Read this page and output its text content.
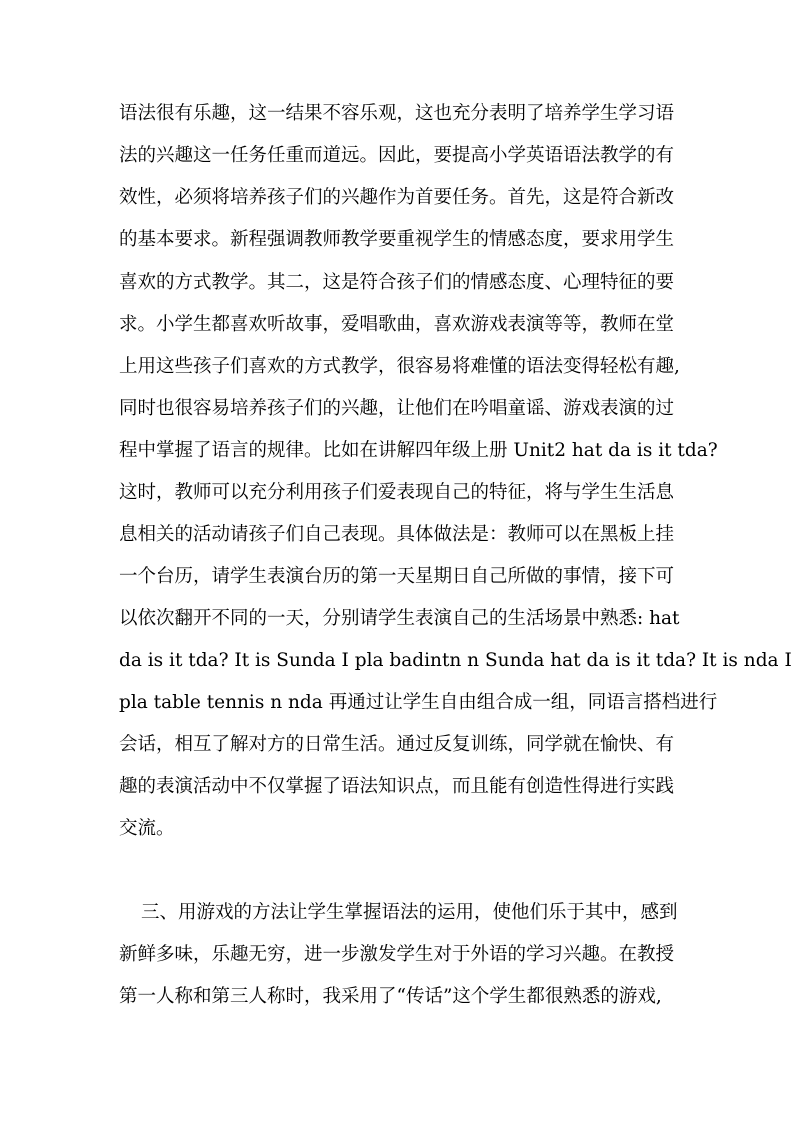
语法很有乐趣，这一结果不容乐观，这也充分表明了培养学生学习语
法的兴趣这一任务任重而道远。因此，要提高小学英语语法教学的有
效性，必须将培养孩子们的兴趣作为首要任务。首先，这是符合新改
的基本要求。新程强调教师教学要重视学生的情感态度，要求用学生
喜欢的方式教学。其二，这是符合孩子们的情感态度、心理特征的要
求。小学生都喜欢听故事，爱唱歌曲，喜欢游戏表演等等，教师在堂
上用这些孩子们喜欢的方式教学，很容易将难懂的语法变得轻松有趣,
同时也很容易培养孩子们的兴趣，让他们在吟唱童谣、游戏表演的过
程中掌握了语言的规律。比如在讲解四年级上册 Unit2 hat da is it tda?
这时，教师可以充分利用孩子们爱表现自己的特征，将与学生生活息
息相关的活动请孩子们自己表现。具体做法是：教师可以在黑板上挂
一个台历，请学生表演台历的第一天星期日自己所做的事情，接下可
以依次翻开不同的一天，分别请学生表演自己的生活场景中熟悉: hat
da is it tda? It is Sunda I pla badintn n Sunda hat da is it tda? It is nda I
pla table tennis n nda 再通过让学生自由组合成一组，同语言搭档进行
会话，相互了解对方的日常生活。通过反复训练，同学就在愉快、有
趣的表演活动中不仅掌握了语法知识点，而且能有创造性得进行实践
交流。
三、用游戏的方法让学生掌握语法的运用，使他们乐于其中，感到
新鲜多味，乐趣无穷，进一步激发学生对于外语的学习兴趣。在教授
第一人称和第三人称时，我采用了“传话”这个学生都很熟悉的游戏,
